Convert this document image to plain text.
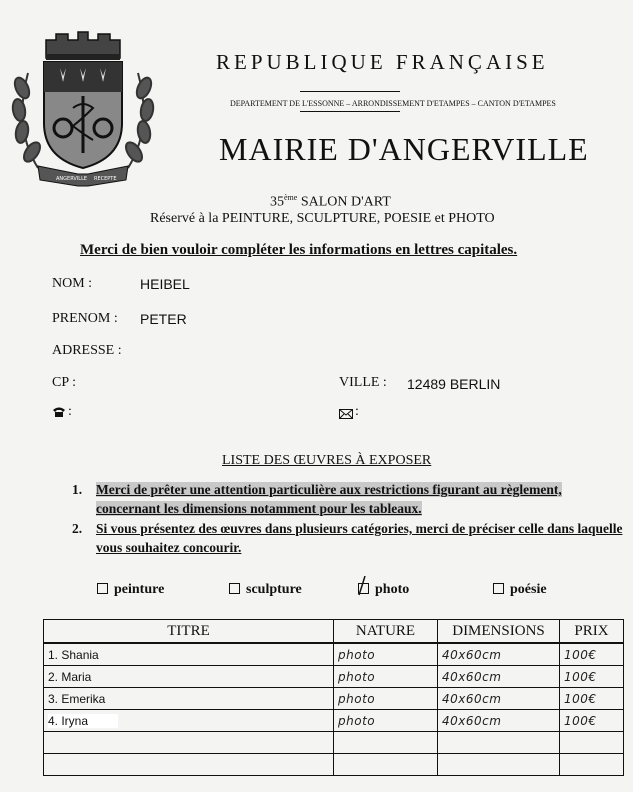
ANGERVILLE RECEPTE
REPUBLIQUE FRANÇAISE
DEPARTEMENT DE L'ESSONNE – ARRONDISSEMENT D'ETAMPES – CANTON D'ETAMPES
MAIRIE D'ANGERVILLE
35ème SALON D'ART
Réservé à la PEINTURE, SCULPTURE, POESIE et PHOTO
Merci de bien vouloir compléter les informations en lettres capitales.
NOM :	HEIBEL
PRENOM : PETER
ADRESSE :
CP :	VILLE : 12489 BERLIN
:	:
LISTE DES ŒUVRES À EXPOSER
1. Merci de prêter une attention particulière aux restrictions figurant au règlement, concernant les dimensions notamment pour les tableaux.
2. Si vous présentez des œuvres dans plusieurs catégories, merci de préciser celle dans laquelle vous souhaitez concourir.
peinture	sculpture	photo	poésie
TITRE	NATURE	DIMENSIONS	PRIX
1. Shania	photo	40x60cm	100€
2. Maria	photo	40x60cm	100€
3. Emerika	photo	40x60cm	100€
4. Iryna	photo	40x60cm	100€
